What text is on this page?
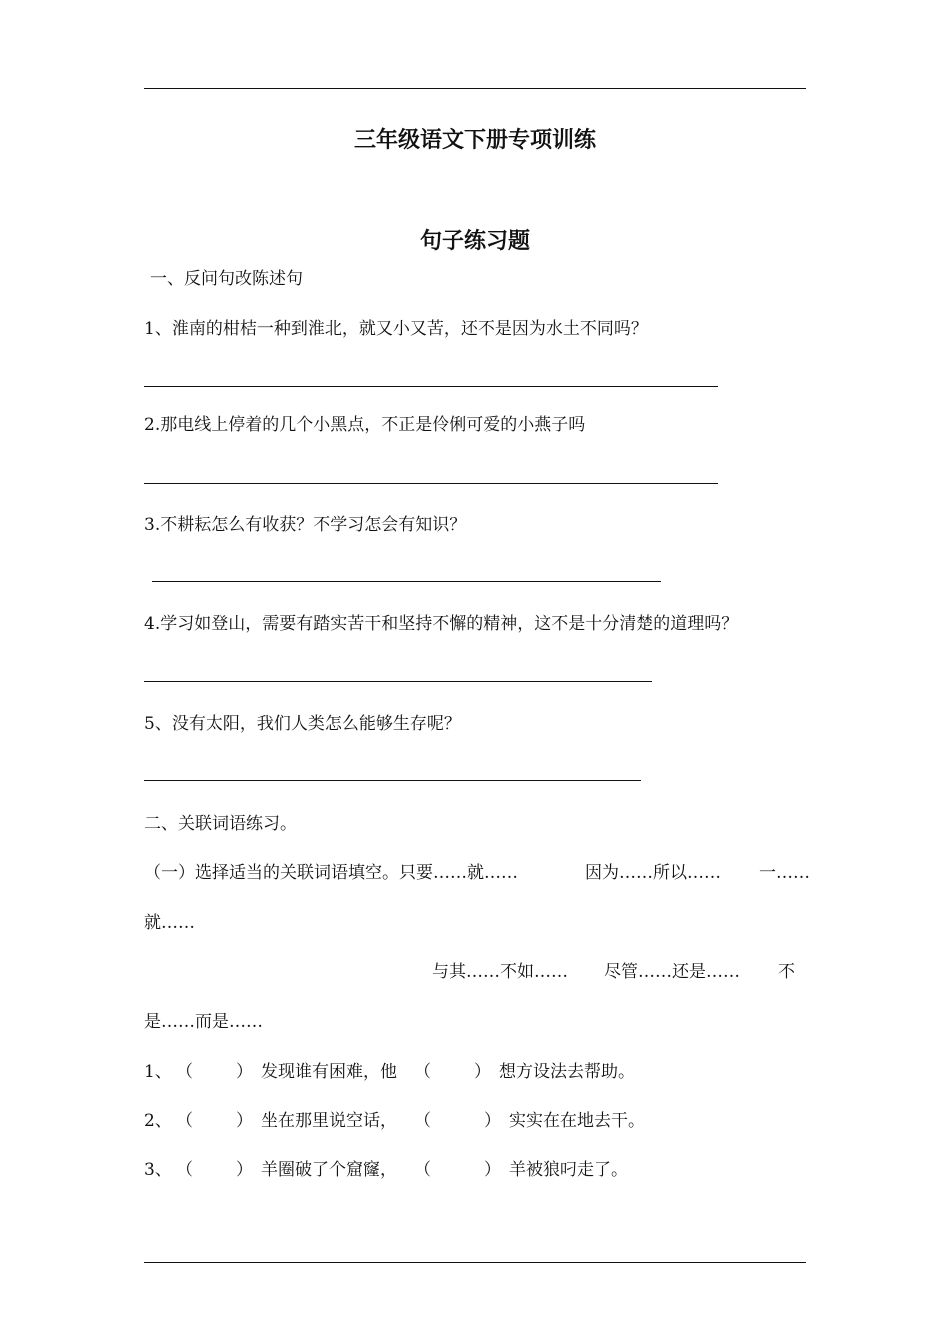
三年级语文下册专项训练
句子练习题
一、反问句改陈述句
1、淮南的柑桔一种到淮北，就又小又苦，还不是因为水土不同吗？
2.那电线上停着的几个小黑点，不正是伶俐可爱的小燕子吗
3.不耕耘怎么有收获？不学习怎会有知识？
4.学习如登山，需要有踏实苦干和坚持不懈的精神，这不是十分清楚的道理吗？
5、没有太阳，我们人类怎么能够生存呢？
二、关联词语练习。
（一）选择适当的关联词语填空。只要……就……	因为……所以…… 一……
就……
与其……不如…… 尽管……还是…… 不
是……而是……
1、 （	） 发现谁有困难，他 （	） 想方设法去帮助。
2、 （	） 坐在那里说空话， （	） 实实在在地去干。
3、 （	） 羊圈破了个窟窿， （	） 羊被狼叼走了。
